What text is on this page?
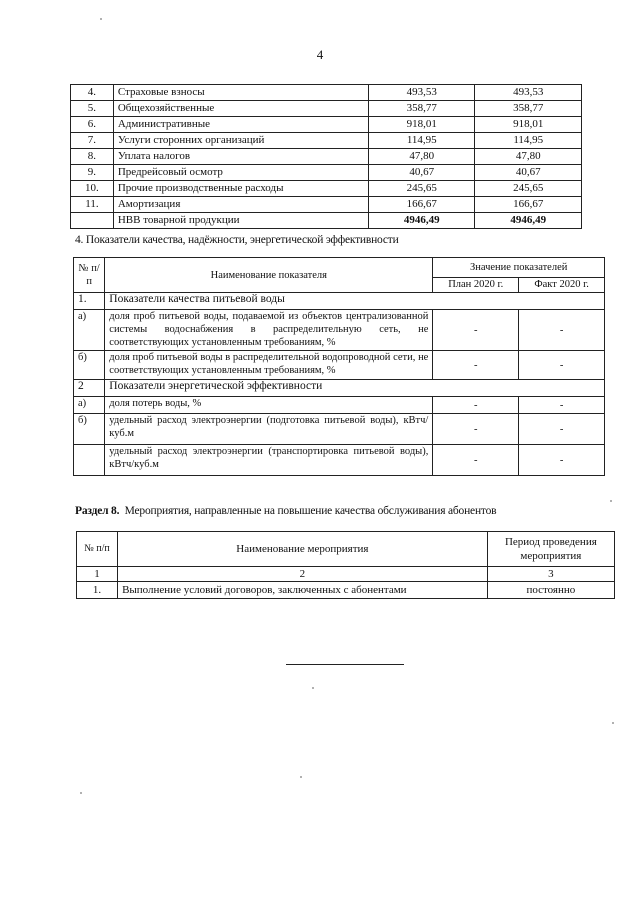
4
4.	Страховые взносы	493,53	493,53
5.	Общехозяйственные	358,77	358,77
6.	Административные	918,01	918,01
7.	Услуги сторонних организаций	114,95	114,95
8.	Уплата налогов	47,80	47,80
9.	Предрейсовый осмотр	40,67	40,67
10.	Прочие производственные расходы	245,65	245,65
11.	Амортизация	166,67	166,67
	НВВ товарной продукции	4946,49	4946,49
4. Показатели качества, надёжности, энергетической эффективности
№ п/п	Наименование показателя	Значение показателей	
		План 2020 г.	Факт 2020 г.
1.	Показатели качества питьевой воды		
а)	доля проб питьевой воды, подаваемой из объектов централизованной системы водоснабжения в распределительную сеть, не соответствующих установленным требованиям, %	-	-
б)	доля проб питьевой воды в распределительной водопроводной сети, не соответствующих установленным требованиям, %	-	-
2	Показатели энергетической эффективности		
а)	доля потерь воды, %	-	-
б)	удельный расход электроэнергии (подготовка питьевой воды), кВтч/куб.м	-	-
	удельный расход электроэнергии (транспортировка питьевой воды), кВтч/куб.м	-	-
Раздел 8. Мероприятия, направленные на повышение качества обслуживания абонентов
№ п/п	Наименование мероприятия	Период проведения мероприятия
1	2	3
1.	Выполнение условий договоров, заключенных с абонентами	постоянно
